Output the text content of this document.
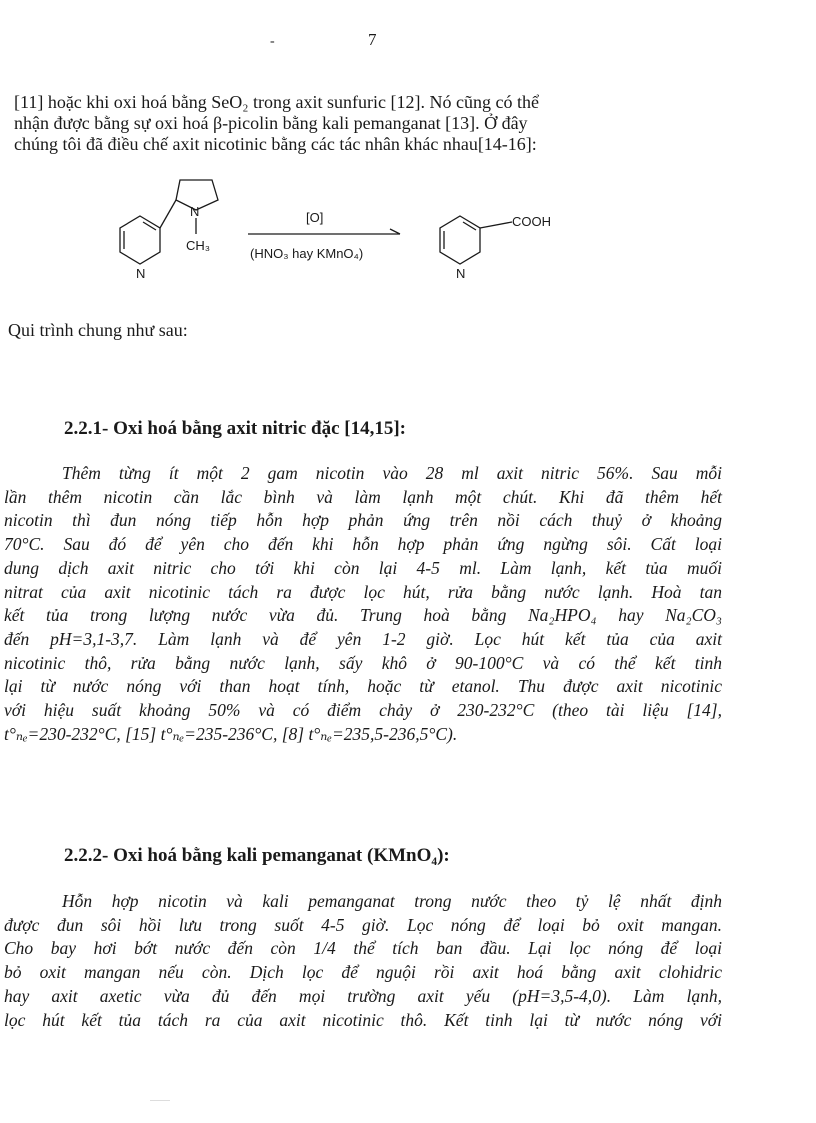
-	7
[11] hoặc khi oxi hoá bằng SeO₂ trong axit sunfuric [12]. Nó cũng có thể
nhận được bằng sự oxi hoá β-picolin bằng kali pemanganat [13]. Ở đây
chúng tôi đã điều chế axit nicotinic bằng các tác nhân khác nhau[14-16]:
N
N
CH₃
[O]
(HNO₃ hay KMnO₄)
COOH
N

Qui trình chung như sau:

2.2.1- Oxi hoá bằng axit nitric đặc [14,15]:
Thêm từng ít một 2 gam nicotin vào 28 ml axit nitric 56%. Sau mỗi
lần thêm nicotin cần lắc bình và làm lạnh một chút. Khi đã thêm hết
nicotin thì đun nóng tiếp hỗn hợp phản ứng trên nồi cách thuỷ ở khoảng
70°C. Sau đó để yên cho đến khi hỗn hợp phản ứng ngừng sôi. Cất loại
dung dịch axit nitric cho tới khi còn lại 4-5 ml. Làm lạnh, kết tủa muối
nitrat của axit nicotinic tách ra được lọc hút, rửa bằng nước lạnh. Hoà tan
kết tủa trong lượng nước vừa đủ. Trung hoà bằng Na₂HPO₄ hay Na₂CO₃
đến pH=3,1-3,7. Làm lạnh và để yên 1-2 giờ. Lọc hút kết tủa của axit
nicotinic thô, rửa bằng nước lạnh, sấy khô ở 90-100°C và có thể kết tinh
lại từ nước nóng với than hoạt tính, hoặc từ etanol. Thu được axit nicotinic
với hiệu suất khoảng 50% và có điểm chảy ở 230-232°C (theo tài liệu [14],
t°ₙₑ=230-232°C, [15] t°ₙₑ=235-236°C, [8] t°ₙₑ=235,5-236,5°C).
2.2.2- Oxi hoá bằng kali pemanganat (KMnO₄):
Hỗn hợp nicotin và kali pemanganat trong nước theo tỷ lệ nhất định
được đun sôi hồi lưu trong suốt 4-5 giờ. Lọc nóng để loại bỏ oxit mangan.
Cho bay hơi bớt nước đến còn 1/4 thể tích ban đầu. Lại lọc nóng để loại
bỏ oxit mangan nếu còn. Dịch lọc để nguội rồi axit hoá bằng axit clohidric
hay axit axetic vừa đủ đến mọi trường axit yếu (pH=3,5-4,0). Làm lạnh,
lọc hút kết tủa tách ra của axit nicotinic thô. Kết tinh lại từ nước nóng với
